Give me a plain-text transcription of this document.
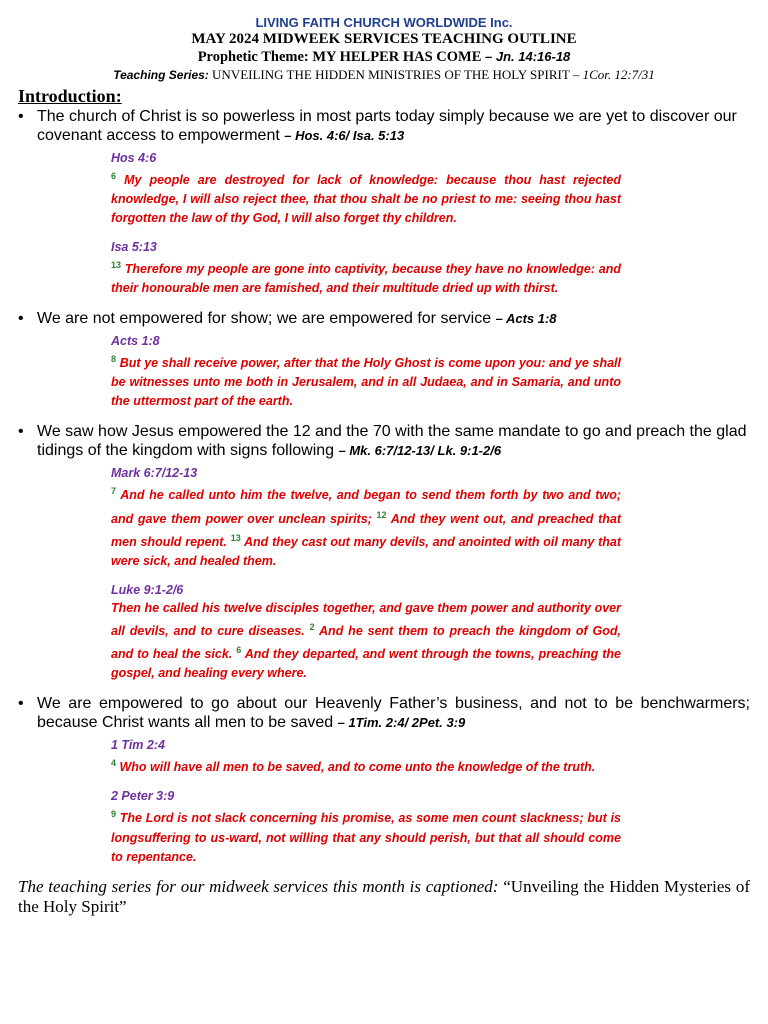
LIVING FAITH CHURCH WORLDWIDE Inc.
MAY 2024 MIDWEEK SERVICES TEACHING OUTLINE
Prophetic Theme: MY HELPER HAS COME – Jn. 14:16-18
Teaching Series: UNVEILING THE HIDDEN MINISTRIES OF THE HOLY SPIRIT – 1Cor. 12:7/31
Introduction:
• The church of Christ is so powerless in most parts today simply because we are yet to discover our covenant access to empowerment – Hos. 4:6/ Isa. 5:13
Hos 4:6
$^6$ My people are destroyed for lack of knowledge: because thou hast rejected knowledge, I will also reject thee, that thou shalt be no priest to me: seeing thou hast forgotten the law of thy God, I will also forget thy children.
Isa 5:13
$^{13}$ Therefore my people are gone into captivity, because they have no knowledge: and their honourable men are famished, and their multitude dried up with thirst.
• We are not empowered for show; we are empowered for service – Acts 1:8
Acts 1:8
$^8$ But ye shall receive power, after that the Holy Ghost is come upon you: and ye shall be witnesses unto me both in Jerusalem, and in all Judaea, and in Samaria, and unto the uttermost part of the earth.
• We saw how Jesus empowered the 12 and the 70 with the same mandate to go and preach the glad tidings of the kingdom with signs following – Mk. 6:7/12-13/ Lk. 9:1-2/6
Mark 6:7/12-13
$^7$ And he called unto him the twelve, and began to send them forth by two and two; and gave them power over unclean spirits; $^{12}$ And they went out, and preached that men should repent. $^{13}$ And they cast out many devils, and anointed with oil many that were sick, and healed them.
Luke 9:1-2/6
Then he called his twelve disciples together, and gave them power and authority over all devils, and to cure diseases. $^2$ And he sent them to preach the kingdom of God, and to heal the sick. $^6$ And they departed, and went through the towns, preaching the gospel, and healing every where.
• We are empowered to go about our Heavenly Father’s business, and not to be benchwarmers; because Christ wants all men to be saved – 1Tim. 2:4/ 2Pet. 3:9
1 Tim 2:4
$^4$ Who will have all men to be saved, and to come unto the knowledge of the truth.
2 Peter 3:9
$^9$ The Lord is not slack concerning his promise, as some men count slackness; but is longsuffering to us-ward, not willing that any should perish, but that all should come to repentance.
The teaching series for our midweek services this month is captioned: “Unveiling the Hidden Mysteries of the Holy Spirit”
